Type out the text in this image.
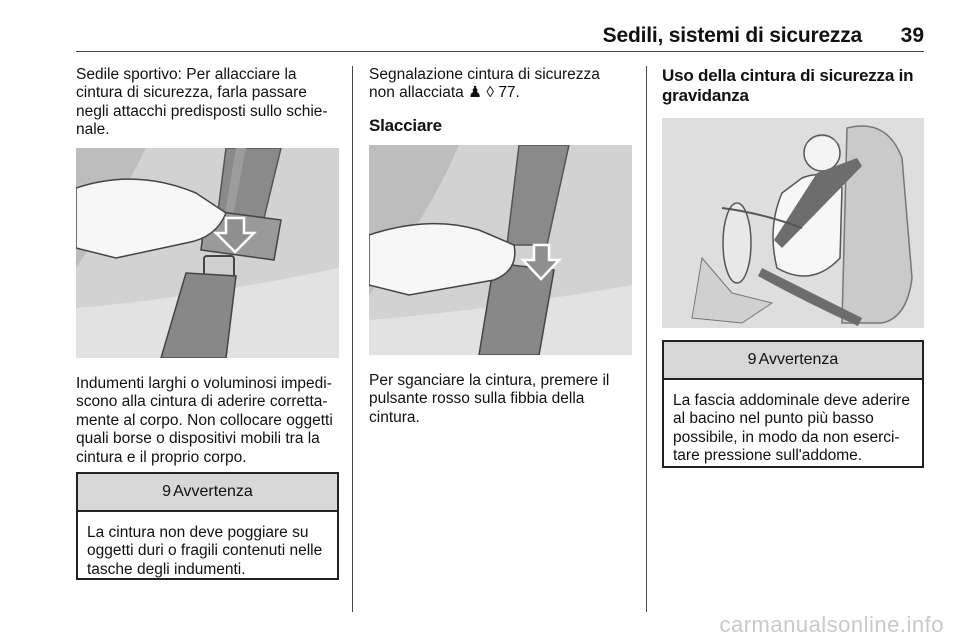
Sedili, sistemi di sicurezza	39

Sedile sportivo: Per allacciare la
cintura di sicurezza, farla passare
negli attacchi predisposti sullo schie-
nale.

Indumenti larghi o voluminosi impedi-
scono alla cintura di aderire corretta-
mente al corpo. Non collocare oggetti
quali borse o dispositivi mobili tra la
cintura e il proprio corpo.

9 Avvertenza
La cintura non deve poggiare su
oggetti duri o fragili contenuti nelle
tasche degli indumenti.

Segnalazione cintura di sicurezza
non allacciata ♟ ◊ 77.

Slacciare

Per sganciare la cintura, premere il
pulsante rosso sulla fibbia della
cintura.

Uso della cintura di sicurezza in
gravidanza
9 Avvertenza
La fascia addominale deve aderire
al bacino nel punto più basso
possibile, in modo da non eserci-
tare pressione sull'addome.
carmanualsonline.info
